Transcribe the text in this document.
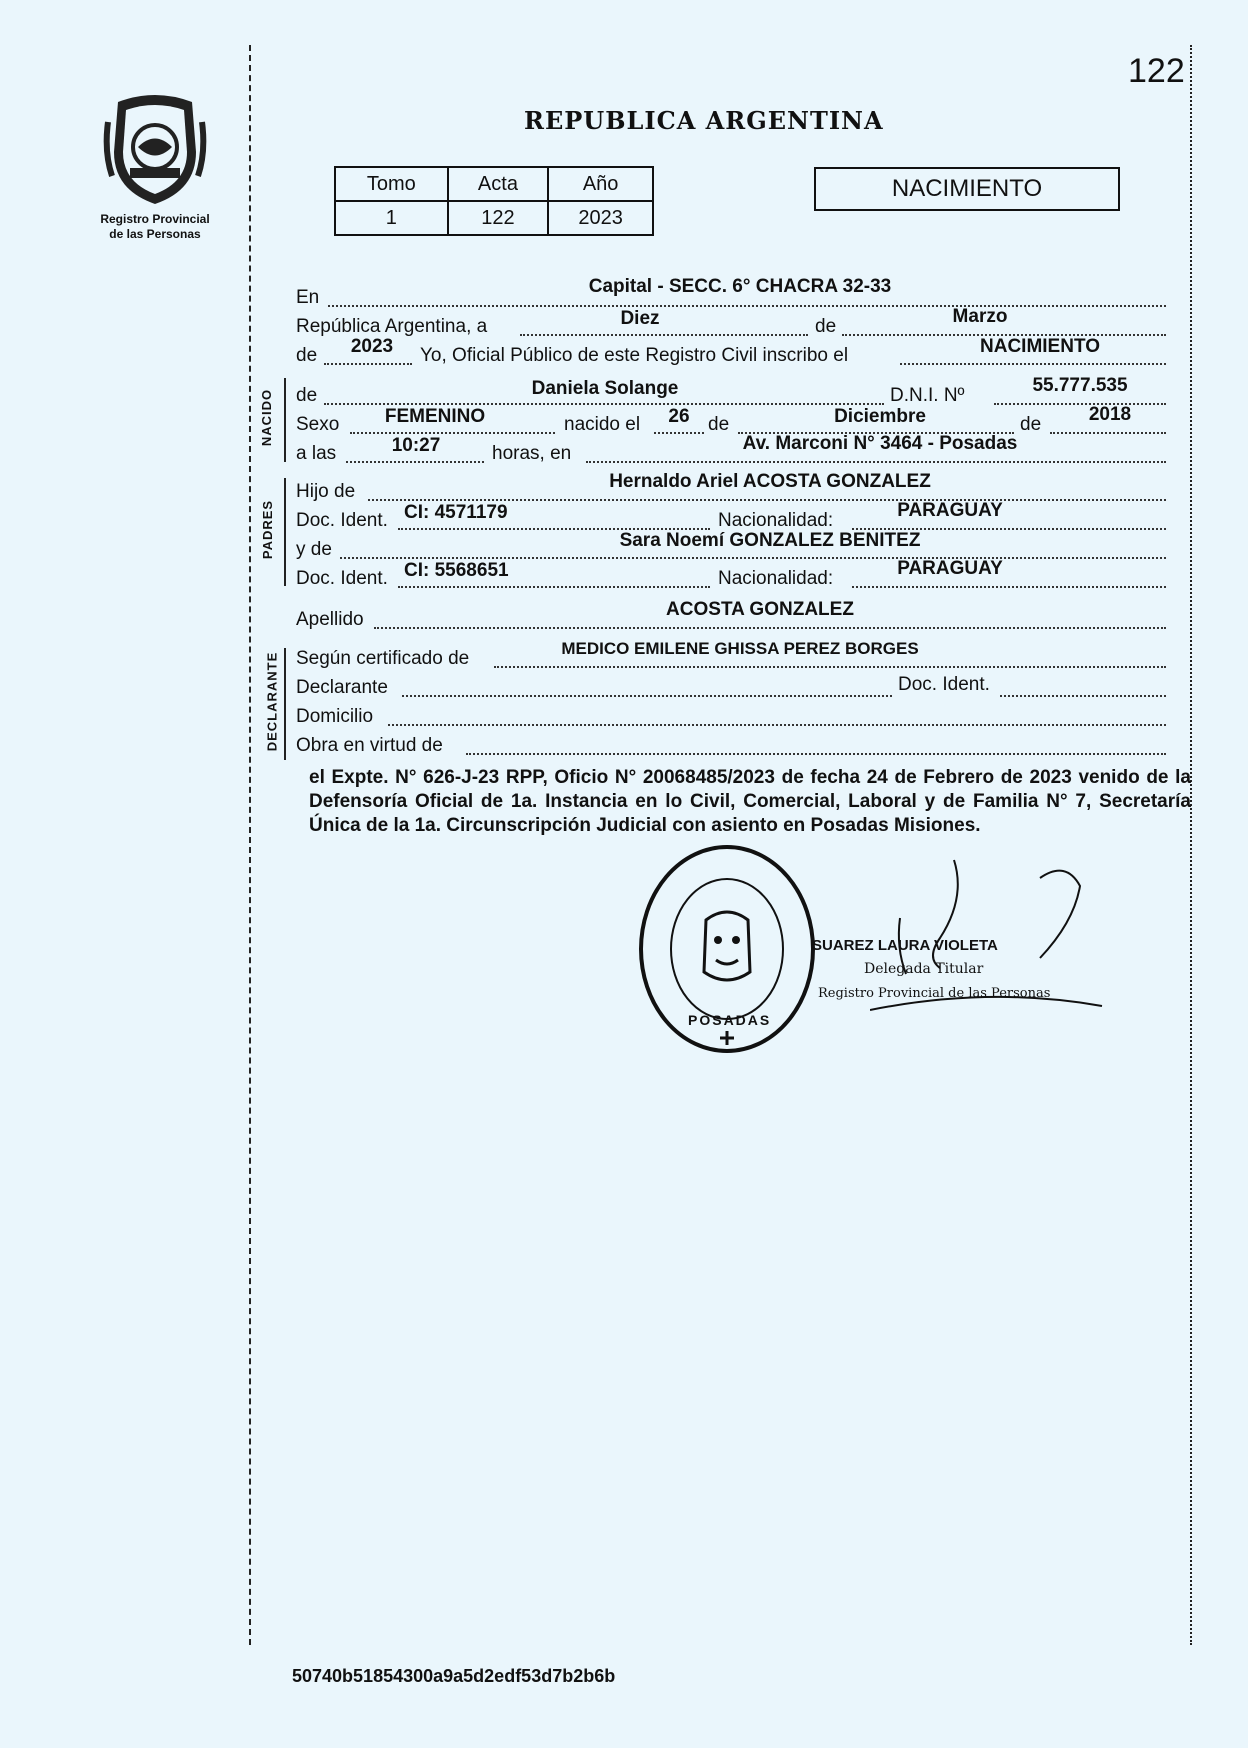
122
Registro Provincial
de las Personas
REPUBLICA ARGENTINA
Tomo	Acta	Año
1	122	2023
NACIMIENTO
En
Capital - SECC. 6° CHACRA 32-33
República Argentina, a	Diez	de	Marzo
de	2023	Yo, Oficial Público de este Registro Civil inscribo el	NACIMIENTO
NACIDO de	Daniela Solange	D.N.I. Nº	55.777.535
Sexo	FEMENINO	nacido el	26 de	Diciembre	de	2018
a las	10:27	horas, en	Av. Marconi N° 3464 - Posadas
PADRES
Hijo de	Hernaldo Ariel ACOSTA GONZALEZ
Doc. Ident. CI: 4571179	Nacionalidad:	PARAGUAY
y de	Sara Noemí GONZALEZ BENITEZ
Doc. Ident. CI: 5568651	Nacionalidad:	PARAGUAY
Apellido	ACOSTA GONZALEZ
DECLARANTE Según certificado de	MEDICO EMILENE GHISSA PEREZ BORGES
Declarante	Doc. Ident.
Domicilio
Obra en virtud de
el Expte. N° 626-J-23 RPP, Oficio N° 20068485/2023 de fecha 24 de Febrero de 2023 venido de la Defensoría Oficial de 1a. Instancia en lo Civil, Comercial, Laboral y de Familia N° 7, Secretaría Única de la 1a. Circunscripción Judicial con asiento en Posadas Misiones.
POSADAS
SUAREZ LAURA VIOLETA
Delegada Titular
Registro Provincial de las Personas
50740b51854300a9a5d2edf53d7b2b6b
